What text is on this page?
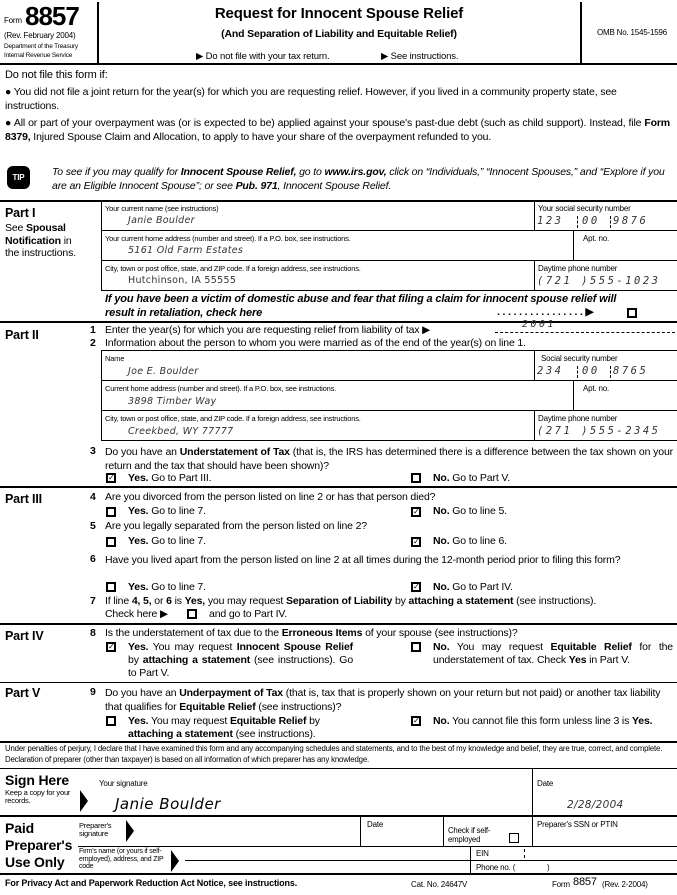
Form 8857
(Rev. February 2004)
Department of the Treasury
Internal Revenue Service
Request for Innocent Spouse Relief
(And Separation of Liability and Equitable Relief)
▶ Do not file with your tax return.	▶ See instructions.
OMB No. 1545-1596
Do not file this form if:
● You did not file a joint return for the year(s) for which you are requesting relief. However, if you lived in a community property state, see instructions.
● All or part of your overpayment was (or is expected to be) applied against your spouse's past-due debt (such as child support). Instead, file Form 8379, Injured Spouse Claim and Allocation, to apply to have your share of the overpayment refunded to you.
TIP	To see if you may qualify for Innocent Spouse Relief, go to www.irs.gov, click on “Individuals,” “Innocent Spouses,” and “Explore if you are an Eligible Innocent Spouse”; or see Pub. 971, Innocent Spouse Relief.
Part I
See Spousal Notification in the instructions.
Your current name (see instructions)
Janie Boulder
Your social security number
123 00 9876
Your current home address (number and street). If a P.O. box, see instructions.
5161 Old Farm Estates
Apt. no.
City, town or post office, state, and ZIP code. If a foreign address, see instructions.
Hutchinson, IA 55555
Daytime phone number
(721 )555-1023
If you have been a victim of domestic abuse and fear that filing a claim for innocent spouse relief will result in retaliation, check here	. . . . . . . . . . . . . . . . ▶
Part II	1 Enter the year(s) for which you are requesting relief from liability of tax ▶	2001
2 Information about the person to whom you were married as of the end of the year(s) on line 1.
Name
Joe E. Boulder
Social security number
234 00 8765
Current home address (number and street). If a P.O. box, see instructions.
3898 Timber Way
Apt. no.
City, town or post office, state, and ZIP code. If a foreign address, see instructions.
Creekbed, WY 77777
Daytime phone number
(271 )555-2345
3 Do you have an Understatement of Tax (that is, the IRS has determined there is a difference between the tax shown on your return and the tax that should have been shown)?
✓
Yes. Go to Part III.	No. Go to Part V.
Part III	4 Are you divorced from the person listed on line 2 or has that person died?
Yes. Go to line 7. ✓	No. Go to line 5.
5 Are you legally separated from the person listed on line 2?
Yes. Go to line 7. ✓	No. Go to line 6.
6 Have you lived apart from the person listed on line 2 at all times during the 12-month period prior to filing this form?
Yes. Go to line 7. ✓	No. Go to Part IV.
7 If line 4, 5, or 6 is Yes, you may request Separation of Liability by attaching a statement (see instructions).
Check here ▶	and go to Part IV.
Part IV	8 Is the understatement of tax due to the Erroneous Items of your spouse (see instructions)?
✓
Yes. You may request Innocent Spouse Relief by attaching a statement (see instructions). Go to Part V.
No. You may request Equitable Relief for the understatement of tax. Check Yes in Part V.
Part V	9 Do you have an Underpayment of Tax (that is, tax that is properly shown on your return but not paid) or another tax liability that qualifies for Equitable Relief (see instructions)?
Yes. You may request Equitable Relief by attaching a statement (see instructions).
✓
No. You cannot file this form unless line 3 is Yes.
Under penalties of perjury, I declare that I have examined this form and any accompanying schedules and statements, and to the best of my knowledge and belief, they are true, correct, and complete. Declaration of preparer (other than taxpayer) is based on all information of which preparer has any knowledge.
Sign Here
Keep a copy for your records.
Your signature
Janie Boulder
Date
2/28/2004
Paid Preparer's Use Only
Preparer's signature
Date
Check if self-employed
Preparer's SSN or PTIN
Firm's name (or yours if self-employed), address, and ZIP code
EIN
Phone no. (	)
For Privacy Act and Paperwork Reduction Act Notice, see instructions.	Cat. No. 24647V	Form 8857 (Rev. 2-2004)
